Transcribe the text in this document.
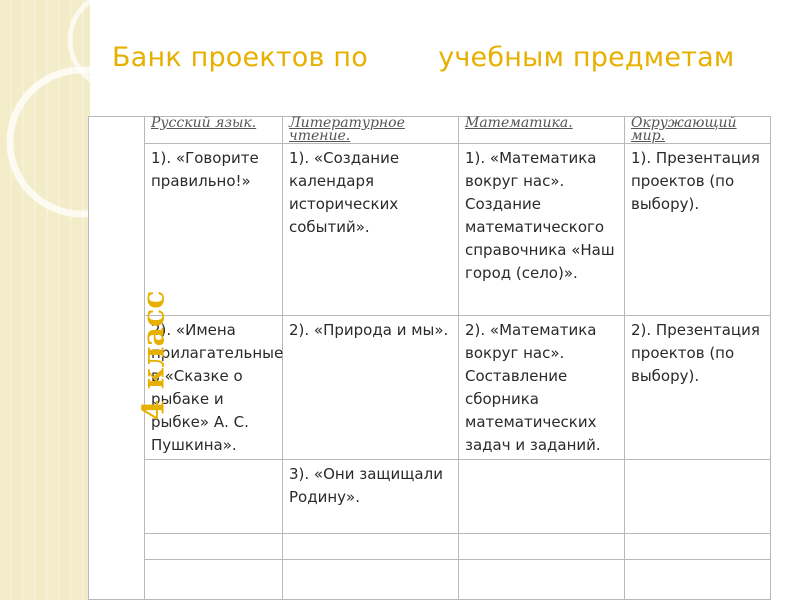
Банк проектов по        учебным предметам
4 класс	Русский язык.	Литературное чтение.	Математика.	Окружающий мир.
	1). «Говорите правильно!»	1). «Создание календаря исторических событий».	1). «Математика вокруг нас». Создание математического справочника «Наш город (село)».	1). Презентация проектов (по выбору).
	2). «Имена прилагательные в «Сказке о рыбаке и рыбке» А. С. Пушкина».	2). «Природа и мы».	2). «Математика вокруг нас». Составление сборника математических задач и заданий.	2). Презентация проектов (по выбору).
		3). «Они защищали Родину».		
